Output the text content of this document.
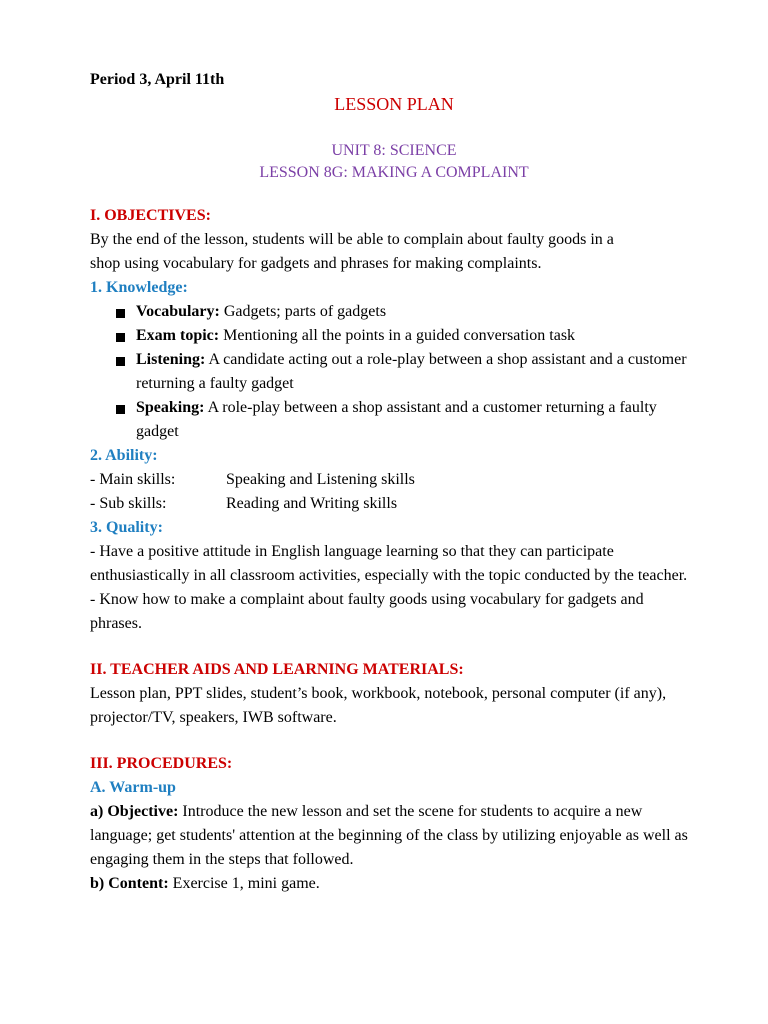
Period 3, April 11th

LESSON PLAN

UNIT 8: SCIENCE

LESSON 8G: MAKING A COMPLAINT

I. OBJECTIVES:

By the end of the lesson, students will be able to complain about faulty goods in a shop using vocabulary for gadgets and phrases for making complaints.

1. Knowledge:

Vocabulary: Gadgets; parts of gadgets
Exam topic: Mentioning all the points in a guided conversation task
Listening: A candidate acting out a role-play between a shop assistant and a customer returning a faulty gadget
Speaking: A role-play between a shop assistant and a customer returning a faulty gadget

2. Ability:

- Main skills:	Speaking and Listening skills
- Sub skills:	Reading and Writing skills

3. Quality:

- Have a positive attitude in English language learning so that they can participate enthusiastically in all classroom activities, especially with the topic conducted by the teacher.

- Know how to make a complaint about faulty goods using vocabulary for gadgets and phrases.

II. TEACHER AIDS AND LEARNING MATERIALS:

Lesson plan, PPT slides, student’s book, workbook, notebook, personal computer (if any), projector/TV, speakers, IWB software.

III. PROCEDURES:

A. Warm-up

a) Objective: Introduce the new lesson and set the scene for students to acquire a new language; get students' attention at the beginning of the class by utilizing enjoyable as well as engaging them in the steps that followed.

b) Content: Exercise 1, mini game.
